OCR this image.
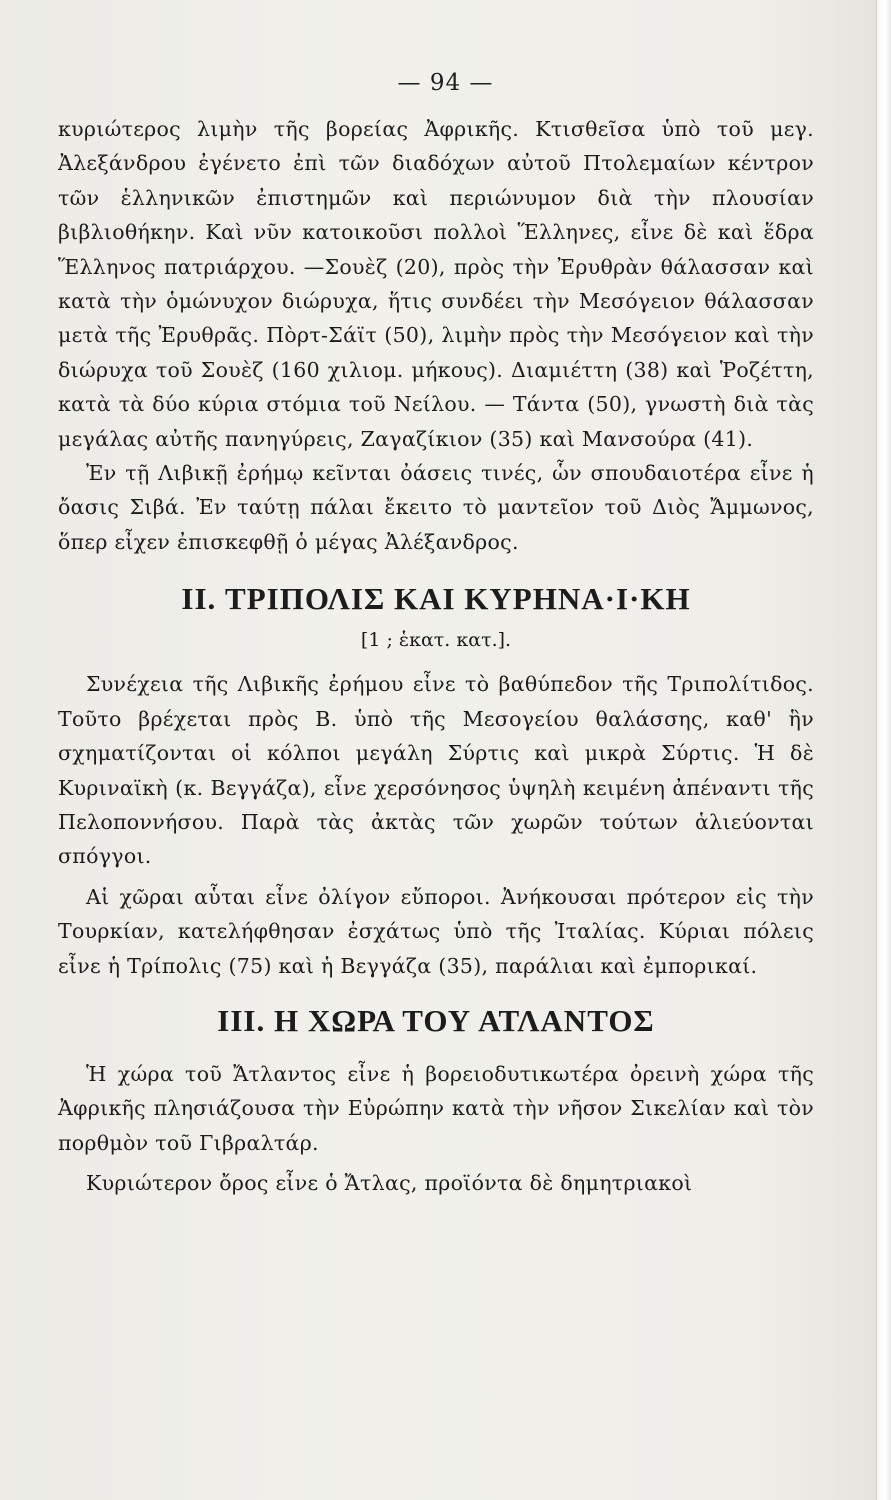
— 94 —

κυριώτερος λιμὴν τῆς βορείας Ἀφρικῆς. Κτισθεῖσα ὑπὸ τοῦ μεγ. Ἀλεξάνδρου ἐγένετο ἐπὶ τῶν διαδόχων αὐτοῦ Πτολεμαίων κέντρον τῶν ἑλληνικῶν ἐπιστημῶν καὶ περιώνυμον διὰ τὴν πλουσίαν βιβλιοθήκην. Καὶ νῦν κατοικοῦσι πολλοὶ Ἕλληνες, εἶνε δὲ καὶ ἕδρα Ἕλληνος πατριάρχου. —Σουὲζ (20), πρὸς τὴν Ἐρυθρὰν θάλασσαν καὶ κατὰ τὴν ὁμώνυχον διώρυχα, ἥτις συνδέει τὴν Μεσόγειον θάλασσαν μετὰ τῆς Ἐρυθρᾶς. Πὸρτ-Σάϊτ (50), λιμὴν πρὸς τὴν Μεσόγειον καὶ τὴν διώρυχα τοῦ Σουὲζ (160 χιλιομ. μήκους). Διαμιέττη (38) καὶ Ῥοζέττη, κατὰ τὰ δύο κύρια στόμια τοῦ Νείλου. — Τάντα (50), γνωστὴ διὰ τὰς μεγάλας αὐτῆς πανηγύρεις, Ζαγαζίκιον (35) καὶ Μανσούρα (41).

Ἐν τῇ Λιβικῇ ἐρήμῳ κεῖνται ὀάσεις τινές, ὧν σπουδαιοτέρα εἶνε ἡ ὄασις Σιβά. Ἐν ταύτῃ πάλαι ἔκειτο τὸ μαντεῖον τοῦ Διὸς Ἄμμωνος, ὅπερ εἶχεν ἐπισκεφθῇ ὁ μέγας Ἀλέξανδρος.

II. ΤΡΙΠΟΛΙΣ ΚΑΙ ΚΥΡΗΝΑ·Ι·ΚΗ

[1 ; ἑκατ. κατ.].

Συνέχεια τῆς Λιβικῆς ἐρήμου εἶνε τὸ βαθύπεδον τῆς Τριπολίτιδος. Τοῦτο βρέχεται πρὸς Β. ὑπὸ τῆς Μεσογείου θαλάσσης, καθ' ἣν σχηματίζονται οἱ κόλποι μεγάλη Σύρτις καὶ μικρὰ Σύρτις. Ἡ δὲ Κυριναϊκὴ (κ. Βεγγάζα), εἶνε χερσόνησος ὑψηλὴ κειμένη ἀπέναντι τῆς Πελοποννήσου. Παρὰ τὰς ἀκτὰς τῶν χωρῶν τούτων ἁλιεύονται σπόγγοι.

Αἱ χῶραι αὗται εἶνε ὀλίγον εὔποροι. Ἀνήκουσαι πρότερον εἰς τὴν Τουρκίαν, κατελήφθησαν ἐσχάτως ὑπὸ τῆς Ἰταλίας. Κύριαι πόλεις εἶνε ἡ Τρίπολις (75) καὶ ἡ Βεγγάζα (35), παράλιαι καὶ ἐμπορικαί.

III. Η ΧΩΡΑ ΤΟΥ ΑΤΛΑΝΤΟΣ

Ἡ χώρα τοῦ Ἄτλαντος εἶνε ἡ βορειοδυτικωτέρα ὀρεινὴ χώρα τῆς Ἀφρικῆς πλησιάζουσα τὴν Εὐρώπην κατὰ τὴν νῆσον Σικελίαν καὶ τὸν πορθμὸν τοῦ Γιβραλτάρ.

Κυριώτερον ὄρος εἶνε ὁ Ἄτλας, προϊόντα δὲ δημητριακοὶ
